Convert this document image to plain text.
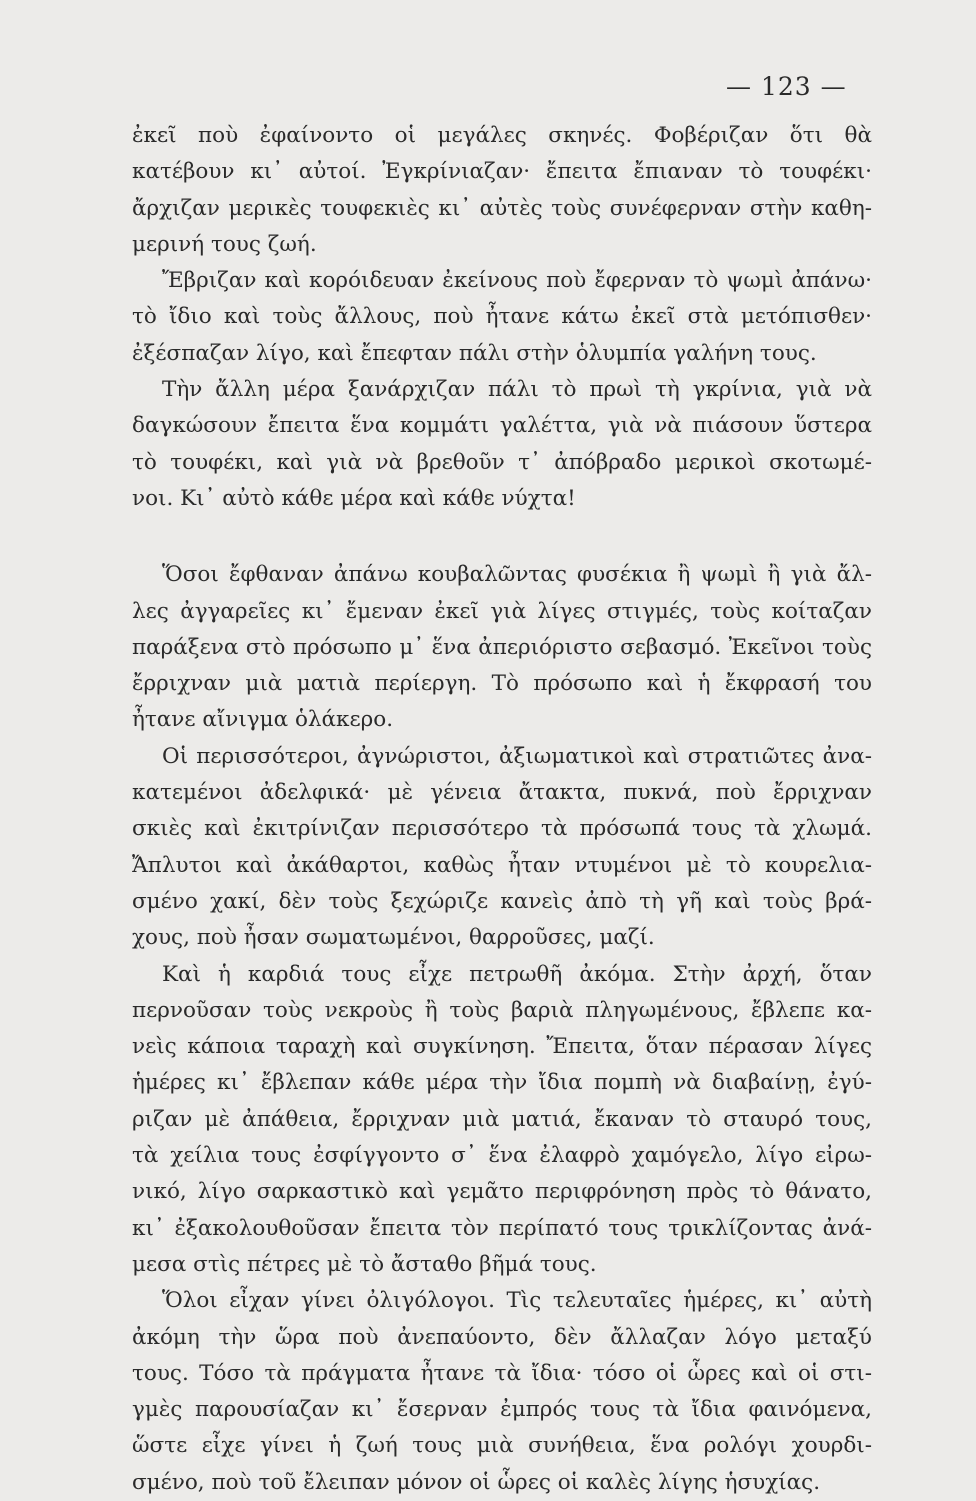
— 123 —
ἐκεῖ ποὺ ἐφαίνοντο οἱ μεγάλες σκηνές. Φοβέριζαν ὅτι θὰ
κατέβουν κι᾿ αὐτοί. Ἐγκρίνιαζαν· ἔπειτα ἔπιαναν τὸ τουφέκι·
ἄρχιζαν μερικὲς τουφεκιὲς κι᾿ αὐτὲς τοὺς συνέφερναν στὴν καθη-
μερινή τους ζωή.
Ἔβριζαν καὶ κορόιδευαν ἐκείνους ποὺ ἔφερναν τὸ ψωμὶ ἀπάνω·
τὸ ἴδιο καὶ τοὺς ἄλλους, ποὺ ἦτανε κάτω ἐκεῖ στὰ μετόπισθεν·
ἐξέσπαζαν λίγο, καὶ ἔπεφταν πάλι στὴν ὁλυμπία γαλήνη τους.
Τὴν ἄλλη μέρα ξανάρχιζαν πάλι τὸ πρωὶ τὴ γκρίνια, γιὰ νὰ
δαγκώσουν ἔπειτα ἕνα κομμάτι γαλέττα, γιὰ νὰ πιάσουν ὕστερα
τὸ τουφέκι, καὶ γιὰ νὰ βρεθοῦν τ᾿ ἀπόβραδο μερικοὶ σκοτωμέ-
νοι. Κι᾿ αὐτὸ κάθε μέρα καὶ κάθε νύχτα!
Ὅσοι ἔφθαναν ἀπάνω κουβαλῶντας φυσέκια ἢ ψωμὶ ἢ γιὰ ἄλ-
λες ἀγγαρεῖες κι᾿ ἔμεναν ἐκεῖ γιὰ λίγες στιγμές, τοὺς κοίταζαν
παράξενα στὸ πρόσωπο μ᾿ ἕνα ἀπεριόριστο σεβασμό. Ἐκεῖνοι τοὺς
ἔρριχναν μιὰ ματιὰ περίεργη. Τὸ πρόσωπο καὶ ἡ ἔκφρασή του
ἦτανε αἴνιγμα ὁλάκερο.
Οἱ περισσότεροι, ἀγνώριστοι, ἀξιωματικοὶ καὶ στρατιῶτες ἀνα-
κατεμένοι ἀδελφικά· μὲ γένεια ἄτακτα, πυκνά, ποὺ ἔρριχναν
σκιὲς καὶ ἐκιτρίνιζαν περισσότερο τὰ πρόσωπά τους τὰ χλωμά.
Ἄπλυτοι καὶ ἀκάθαρτοι, καθὼς ἦταν ντυμένοι μὲ τὸ κουρελια-
σμένο χακί, δὲν τοὺς ξεχώριζε κανεὶς ἀπὸ τὴ γῆ καὶ τοὺς βρά-
χους, ποὺ ἦσαν σωματωμένοι, θαρροῦσες, μαζί.
Καὶ ἡ καρδιά τους εἶχε πετρωθῆ ἀκόμα. Στὴν ἀρχή, ὅταν
περνοῦσαν τοὺς νεκροὺς ἢ τοὺς βαριὰ πληγωμένους, ἔβλεπε κα-
νεὶς κάποια ταραχὴ καὶ συγκίνηση. Ἔπειτα, ὅταν πέρασαν λίγες
ἡμέρες κι᾿ ἔβλεπαν κάθε μέρα τὴν ἴδια πομπὴ νὰ διαβαίνῃ, ἐγύ-
ριζαν μὲ ἀπάθεια, ἔρριχναν μιὰ ματιά, ἔκαναν τὸ σταυρό τους,
τὰ χείλια τους ἐσφίγγοντο σ᾿ ἕνα ἐλαφρὸ χαμόγελο, λίγο εἰρω-
νικό, λίγο σαρκαστικὸ καὶ γεμᾶτο περιφρόνηση πρὸς τὸ θάνατο,
κι᾿ ἐξακολουθοῦσαν ἔπειτα τὸν περίπατό τους τρικλίζοντας ἀνά-
μεσα στὶς πέτρες μὲ τὸ ἄσταθο βῆμά τους.
Ὅλοι εἶχαν γίνει ὀλιγόλογοι. Τὶς τελευταῖες ἡμέρες, κι᾿ αὐτὴ
ἀκόμη τὴν ὥρα ποὺ ἀνεπαύοντο, δὲν ἄλλαζαν λόγο μεταξύ
τους. Τόσο τὰ πράγματα ἦτανε τὰ ἴδια· τόσο οἱ ὧρες καὶ οἱ στι-
γμὲς παρουσίαζαν κι᾿ ἔσερναν ἐμπρός τους τὰ ἴδια φαινόμενα,
ὥστε εἶχε γίνει ἡ ζωή τους μιὰ συνήθεια, ἕνα ρολόγι χουρδι-
σμένο, ποὺ τοῦ ἔλειπαν μόνον οἱ ὧρες οἱ καλὲς λίγης ἡσυχίας.
